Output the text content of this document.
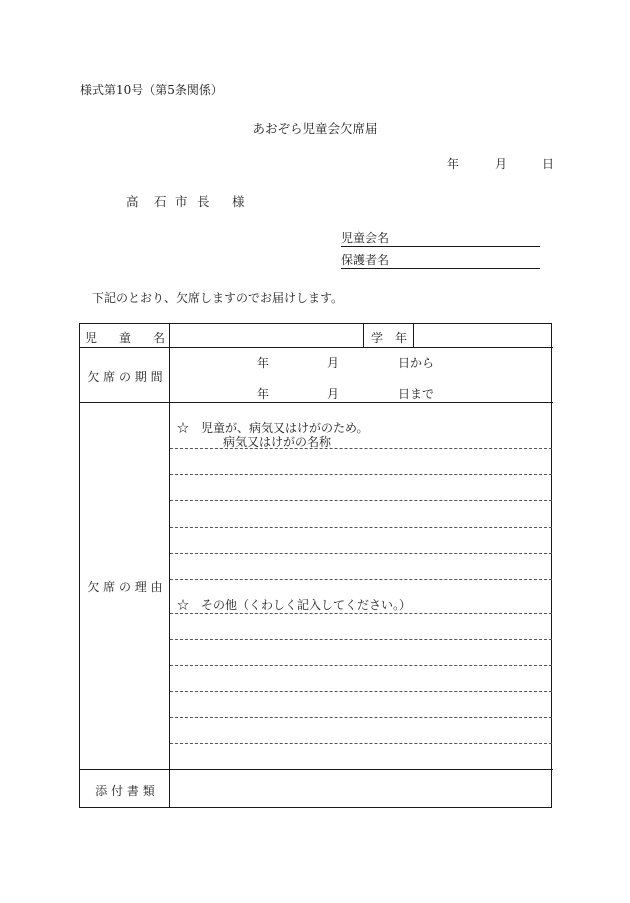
様式第10号（第5条関係）
あおぞら児童会欠席届
年	月	日
高 石 市 長 様
児童会名
保護者名
下記のとおり、欠席しますのでお届けします。
児 童 名	学 年
欠 席 の 期 間
年	月	日から
年	月	日まで
欠 席 の 理 由
☆　児童が、病気又はけがのため。
病気又はけがの名称
☆　その他（くわしく記入してください。）
添 付 書 類
